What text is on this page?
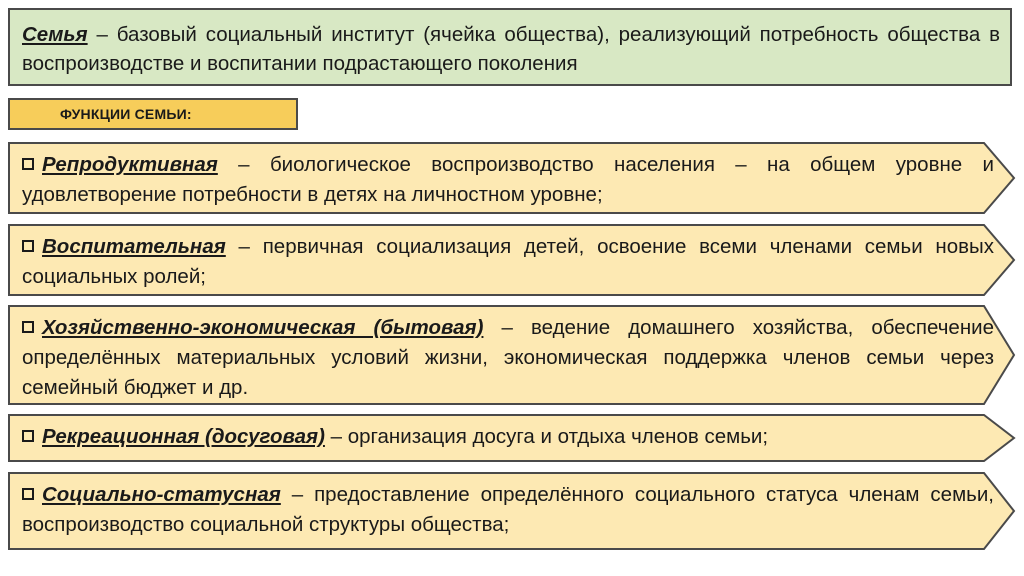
Семья – базовый социальный институт (ячейка общества), реализующий потребность общества в воспроизводстве и воспитании подрастающего поколения
ФУНКЦИИ СЕМЬИ:
Репродуктивная – биологическое воспроизводство населения – на общем уровне и удовлетворение потребности в детях на личностном уровне;
Воспитательная – первичная социализация детей, освоение всеми членами семьи новых социальных ролей;
Хозяйственно-экономическая (бытовая) – ведение домашнего хозяйства, обеспечение определённых материальных условий жизни, экономическая поддержка членов семьи через семейный бюджет и др.
Рекреационная (досуговая) – организация досуга и отдыха членов семьи;
Социально-статусная – предоставление определённого социального статуса членам семьи, воспроизводство социальной структуры общества;
